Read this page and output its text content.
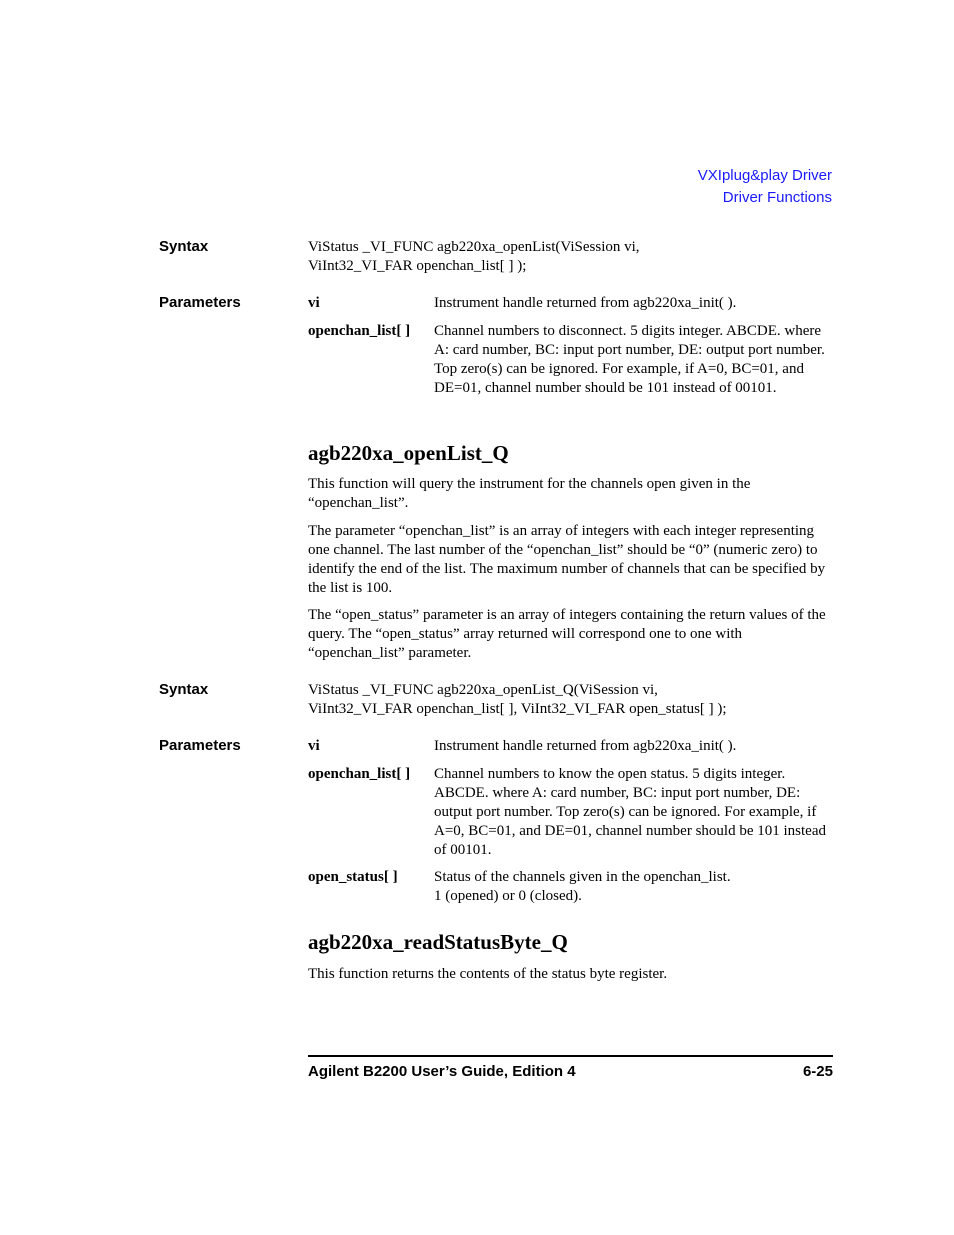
VXIplug&play Driver
Driver Functions
Syntax	ViStatus _VI_FUNC agb220xa_openList(ViSession vi,
ViInt32_VI_FAR openchan_list[ ] );
Parameters	vi	Instrument handle returned from agb220xa_init( ).
openchan_list[ ] Channel numbers to disconnect. 5 digits integer. ABCDE. where A: card number, BC: input port number, DE: output port number. Top zero(s) can be ignored. For example, if A=0, BC=01, and DE=01, channel number should be 101 instead of 00101.
agb220xa_openList_Q

This function will query the instrument for the channels open given in the “openchan_list”.

The parameter “openchan_list” is an array of integers with each integer representing one channel. The last number of the “openchan_list” should be “0” (numeric zero) to identify the end of the list. The maximum number of channels that can be specified by the list is 100.

The “open_status” parameter is an array of integers containing the return values of the query. The “open_status” array returned will correspond one to one with “openchan_list” parameter.

Syntax	ViStatus _VI_FUNC agb220xa_openList_Q(ViSession vi,
ViInt32_VI_FAR openchan_list[ ], ViInt32_VI_FAR open_status[ ] );
Parameters	vi	Instrument handle returned from agb220xa_init( ).
openchan_list[ ] Channel numbers to know the open status. 5 digits integer. ABCDE. where A: card number, BC: input port number, DE: output port number. Top zero(s) can be ignored. For example, if A=0, BC=01, and DE=01, channel number should be 101 instead of 00101.
open_status[ ] Status of the channels given in the openchan_list.
1 (opened) or 0 (closed).
agb220xa_readStatusByte_Q

This function returns the contents of the status byte register.

Agilent B2200 User’s Guide, Edition 4	6-25
